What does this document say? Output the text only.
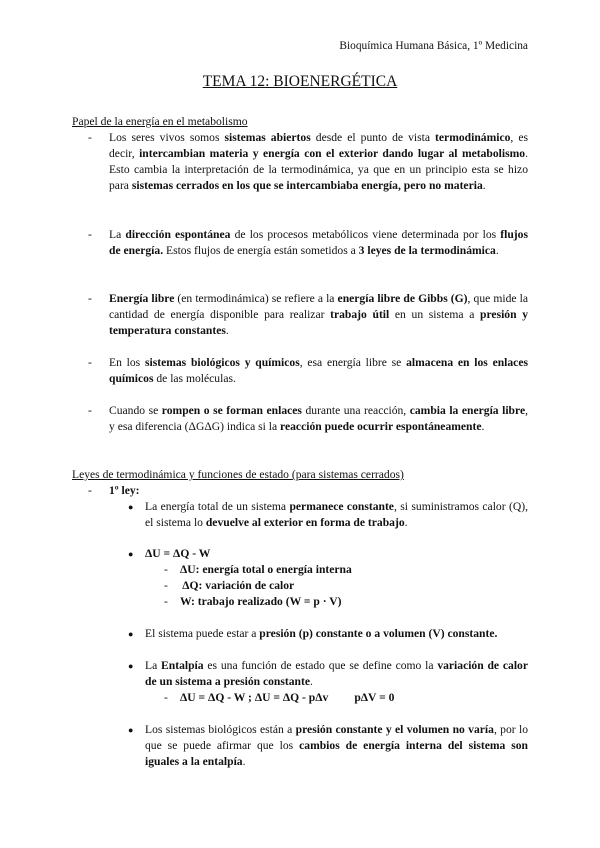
Bioquímica Humana Básica, 1º Medicina
TEMA 12: BIOENERGÉTICA
Papel de la energía en el metabolismo
- Los seres vivos somos sistemas abiertos desde el punto de vista termodinámico, es decir, intercambian materia y energía con el exterior dando lugar al metabolismo. Esto cambia la interpretación de la termodinámica, ya que en un principio esta se hizo para sistemas cerrados en los que se intercambiaba energía, pero no materia.
- La dirección espontánea de los procesos metabólicos viene determinada por los flujos de energía. Estos flujos de energía están sometidos a 3 leyes de la termodinámica.
- Energía libre (en termodinámica) se refiere a la energía libre de Gibbs (G), que mide la cantidad de energía disponible para realizar trabajo útil en un sistema a presión y temperatura constantes.
- En los sistemas biológicos y químicos, esa energía libre se almacena en los enlaces químicos de las moléculas.
- Cuando se rompen o se forman enlaces durante una reacción, cambia la energía libre, y esa diferencia (ΔGΔG) indica si la reacción puede ocurrir espontáneamente.
Leyes de termodinámica y funciones de estado (para sistemas cerrados)
- 1º ley:
● La energía total de un sistema permanece constante, si suministramos calor (Q), el sistema lo devuelve al exterior en forma de trabajo.
● ΔU = ΔQ - W
- ΔU: energía total o energía interna
- ΔQ: variación de calor
- W: trabajo realizado (W = p · V)
● El sistema puede estar a presión (p) constante o a volumen (V) constante.
● La Entalpía es una función de estado que se define como la variación de calor de un sistema a presión constante.
- ΔU = ΔQ - W ; ΔU = ΔQ - pΔv pΔV = 0
● Los sistemas biológicos están a presión constante y el volumen no varía, por lo que se puede afirmar que los cambios de energía interna del sistema son iguales a la entalpía.
